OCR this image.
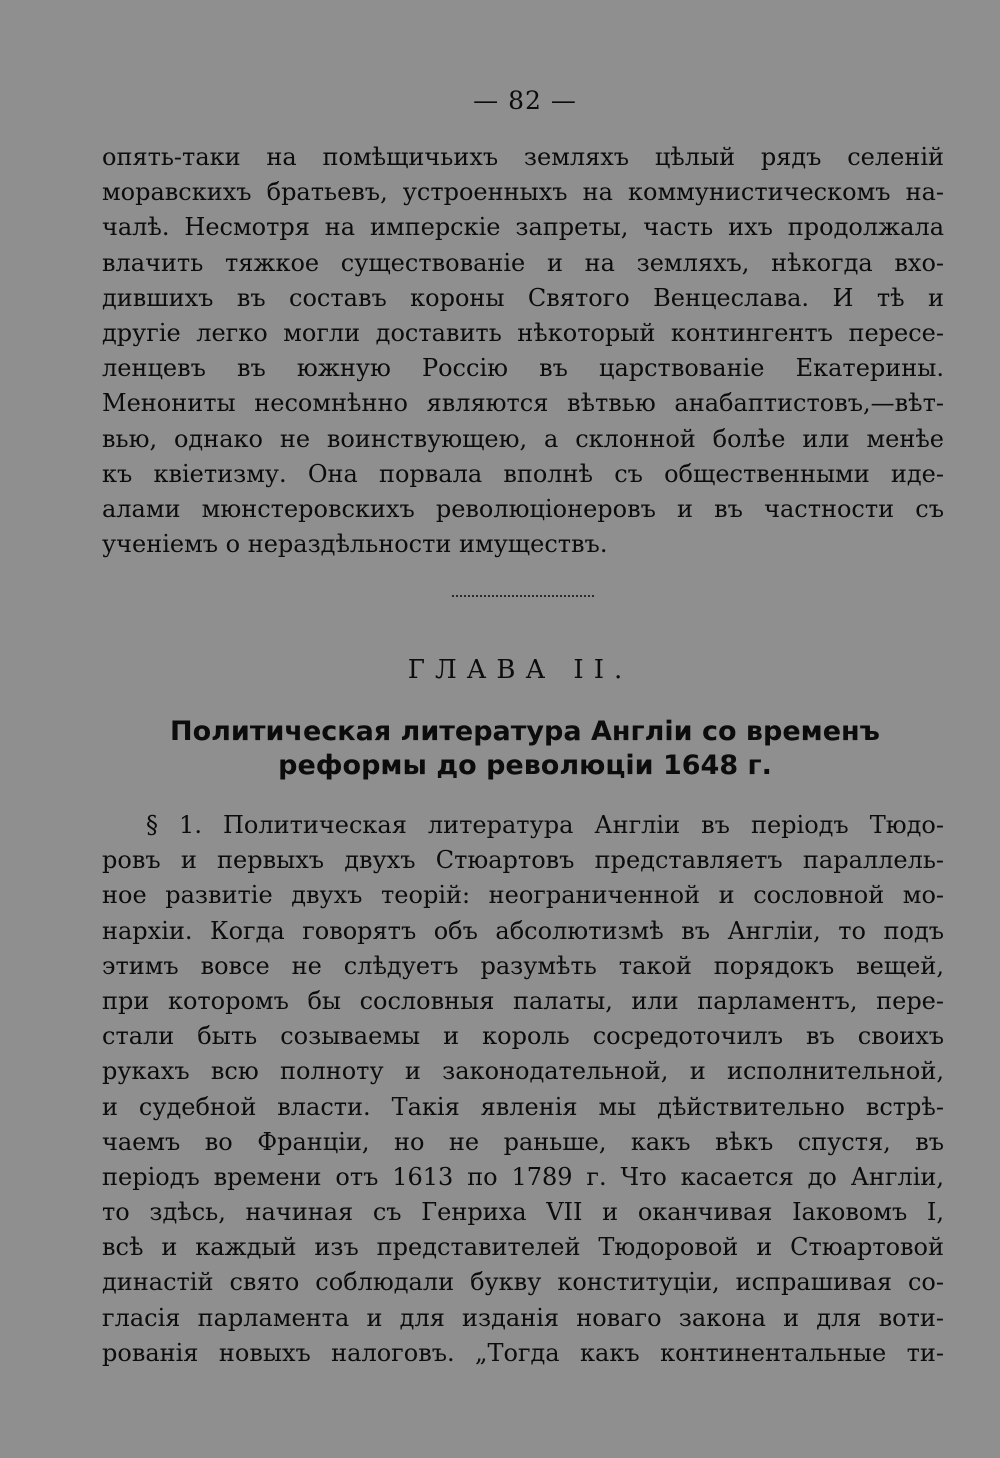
— 82 —
опять-таки на помѣщичьихъ земляхъ цѣлый рядъ селеній
моравскихъ братьевъ, устроенныхъ на коммунистическомъ на-
чалѣ. Несмотря на имперскіе запреты, часть ихъ продолжала
влачить тяжкое существованіе и на земляхъ, нѣкогда вхо-
дившихъ въ составъ короны Святого Венцеслава. И тѣ и
другіе легко могли доставить нѣкоторый контингентъ пересе-
ленцевъ въ южную Россію въ царствованіе Екатерины.
Менониты несомнѣнно являются вѣтвью анабаптистовъ,—вѣт-
вью, однако не воинствующею, а склонной болѣе или менѣе
къ квіетизму. Она порвала вполнѣ съ общественными иде-
алами мюнстеровскихъ революціонеровъ и въ частности съ
ученіемъ о нераздѣльности имуществъ.
ГЛАВА II.
Политическая литература Англіи со временъ
реформы до революціи 1648 г.
§ 1. Политическая литература Англіи въ періодъ Тюдо-
ровъ и первыхъ двухъ Стюартовъ представляетъ параллель-
ное развитіе двухъ теорій: неограниченной и сословной мо-
нархіи. Когда говорятъ объ абсолютизмѣ въ Англіи, то подъ
этимъ вовсе не слѣдуетъ разумѣть такой порядокъ вещей,
при которомъ бы сословныя палаты, или парламентъ, пере-
стали быть созываемы и король сосредоточилъ въ своихъ
рукахъ всю полноту и законодательной, и исполнительной,
и судебной власти. Такія явленія мы дѣйствительно встрѣ-
чаемъ во Франціи, но не раньше, какъ вѣкъ спустя, въ
періодъ времени отъ 1613 по 1789 г. Что касается до Англіи,
то здѣсь, начиная съ Генриха VII и оканчивая Іаковомъ I,
всѣ и каждый изъ представителей Тюдоровой и Стюартовой
династій свято соблюдали букву конституціи, испрашивая со-
гласія парламента и для изданія новаго закона и для воти-
рованія новыхъ налоговъ. „Тогда какъ континентальные ти-
